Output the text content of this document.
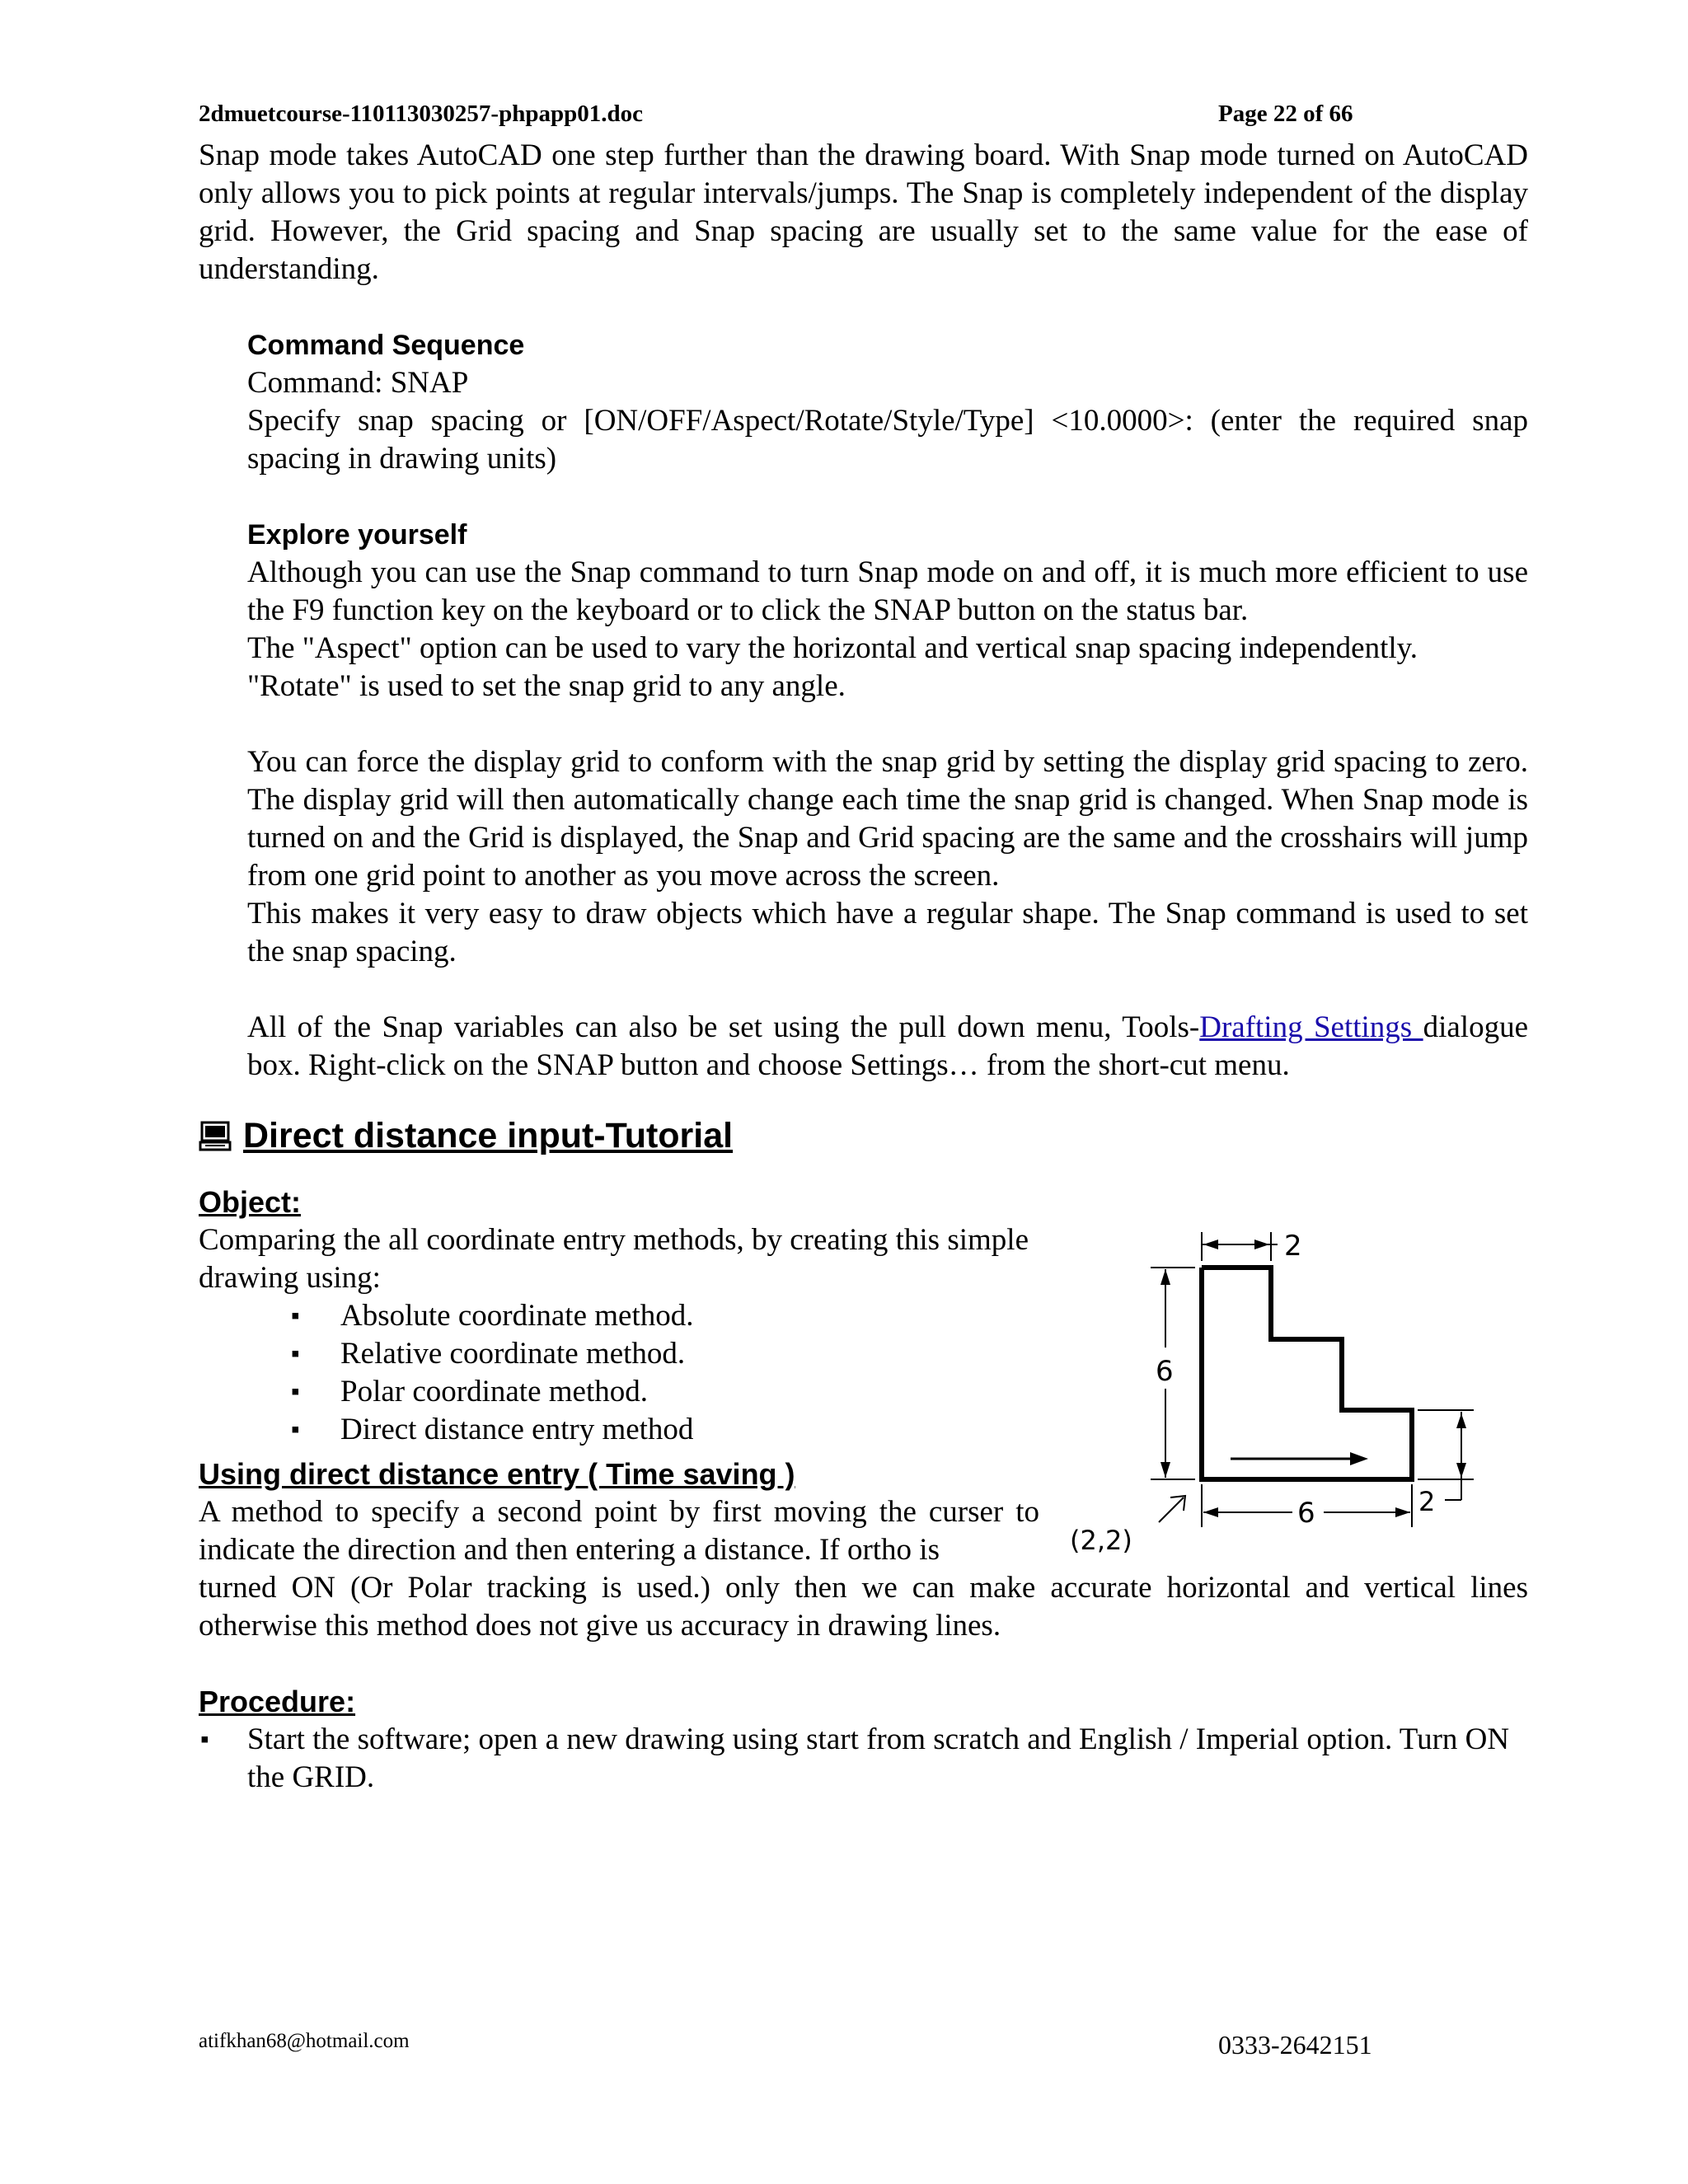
2dmuetcourse-110113030257-phpapp01.doc	Page 22 of 66

Snap mode takes AutoCAD one step further than the drawing board. With Snap mode turned on AutoCAD only allows you to pick points at regular intervals/jumps. The Snap is completely independent of the display grid. However, the Grid spacing and Snap spacing are usually set to the same value for the ease of understanding.

Command Sequence

Command: SNAP

Specify snap spacing or [ON/OFF/Aspect/Rotate/Style/Type] <10.0000>: (enter the required snap spacing in drawing units)

Explore yourself

Although you can use the Snap command to turn Snap mode on and off, it is much more efficient to use the F9 function key on the keyboard or to click the SNAP button on the status bar.

The "Aspect" option can be used to vary the horizontal and vertical snap spacing independently.

"Rotate" is used to set the snap grid to any angle.

You can force the display grid to conform with the snap grid by setting the display grid spacing to zero. The display grid will then automatically change each time the snap grid is changed. When Snap mode is turned on and the Grid is displayed, the Snap and Grid spacing are the same and the crosshairs will jump from one grid point to another as you move across the screen.

This makes it very easy to draw objects which have a regular shape. The Snap command is used to set the snap spacing.

All of the Snap variables can also be set using the pull down menu, Tools-Drafting Settings dialogue box. Right-click on the SNAP button and choose Settings… from the short-cut menu.

Direct distance input-Tutorial
Object:

Comparing the all coordinate entry methods, by creating this simple drawing using:

▪ Absolute coordinate method.
▪ Relative coordinate method.
▪ Polar coordinate method.
▪ Direct distance entry method
Using direct distance entry ( Time saving )

A method to specify a second point by first moving the curser to indicate the direction and then entering a distance. If ortho is

turned ON (Or Polar tracking is used.) only then we can make accurate horizontal and vertical lines otherwise this method does not give us accuracy in drawing lines.

Procedure:
▪ Start the software; open a new drawing using start from scratch and English / Imperial option. Turn ON the GRID.
2
6
6	2
(2,2)
atifkhan68@hotmail.com	0333-2642151
